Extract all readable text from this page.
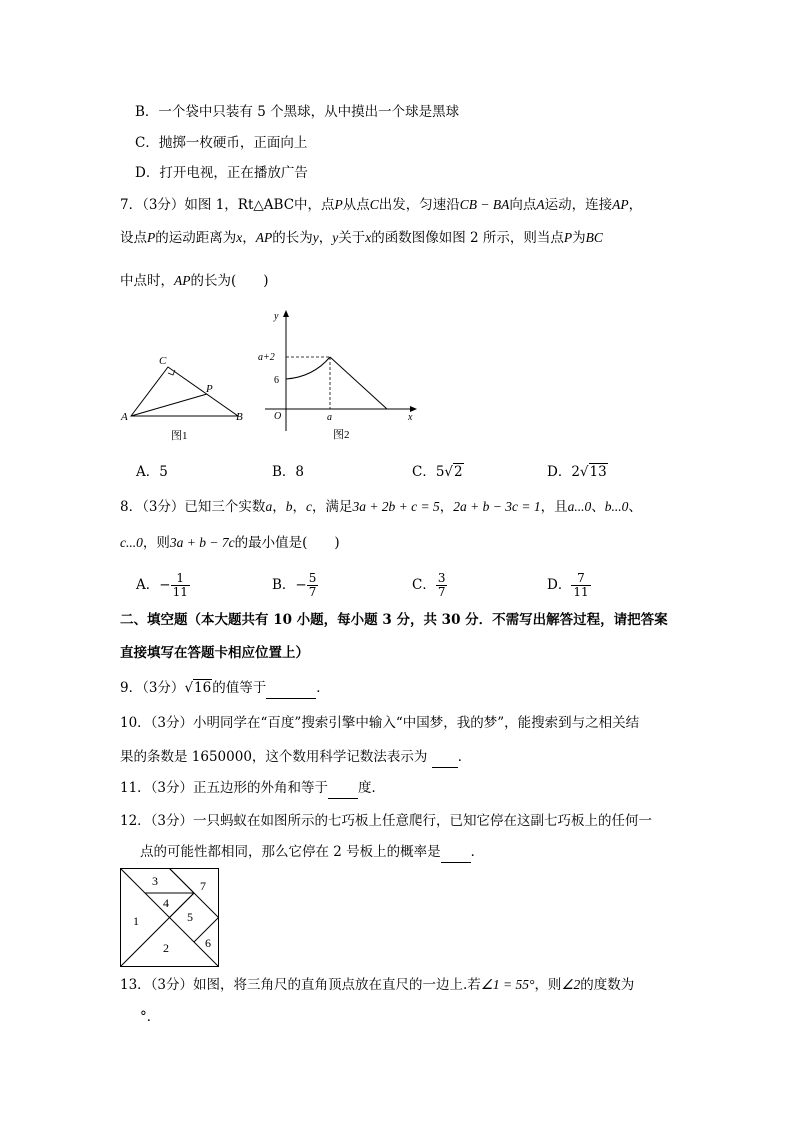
B．一个袋中只装有 5 个黑球，从中摸出一个球是黑球
C．抛掷一枚硬币，正面向上
D．打开电视，正在播放广告
7．（3分）如图 1，Rt△ABC中，点P从点C出发，匀速沿CB − BA向点A运动，连接AP，
设点P的运动距离为x，AP的长为y，y关于x的函数图像如图 2 所示，则当点P为BC
中点时，AP的长为(　　)
C
P
A	B
图1
y
a+2
6
O	a	x
图2
A．5	B．8	C．5√2	D．2√13
8．（3分）已知三个实数a，b，c，满足3a + 2b + c = 5，2a + b − 3c = 1，且a...0、b...0、
c...0，则3a + b − 7c的最小值是(　　)
A．− $\frac{1}{11}$	B．− $\frac{5}{7}$	C． $\frac{3}{7}$	D． $\frac{7}{11}$
二、填空题（本大题共有 10 小题，每小题 3 分，共 30 分．不需写出解答过程，请把答案
直接填写在答题卡相应位置上）
9．（3分）√16的值等于	．
10．（3分）小明同学在“百度”搜索引擎中输入“中国梦，我的梦”，能搜索到与之相关结
果的条数是 1650000，这个数用科学记数法表示为 ．
11．（3分）正五边形的外角和等于 度．
12．（3分）一只蚂蚁在如图所示的七巧板上任意爬行，已知它停在这副七巧板上的任何一
点的可能性都相同，那么它停在 2 号板上的概率是 ．
1
2
3
4
5
6
7
13．（3分）如图，将三角尺的直角顶点放在直尺的一边上.若∠1 = 55°，则∠2的度数为
°．
